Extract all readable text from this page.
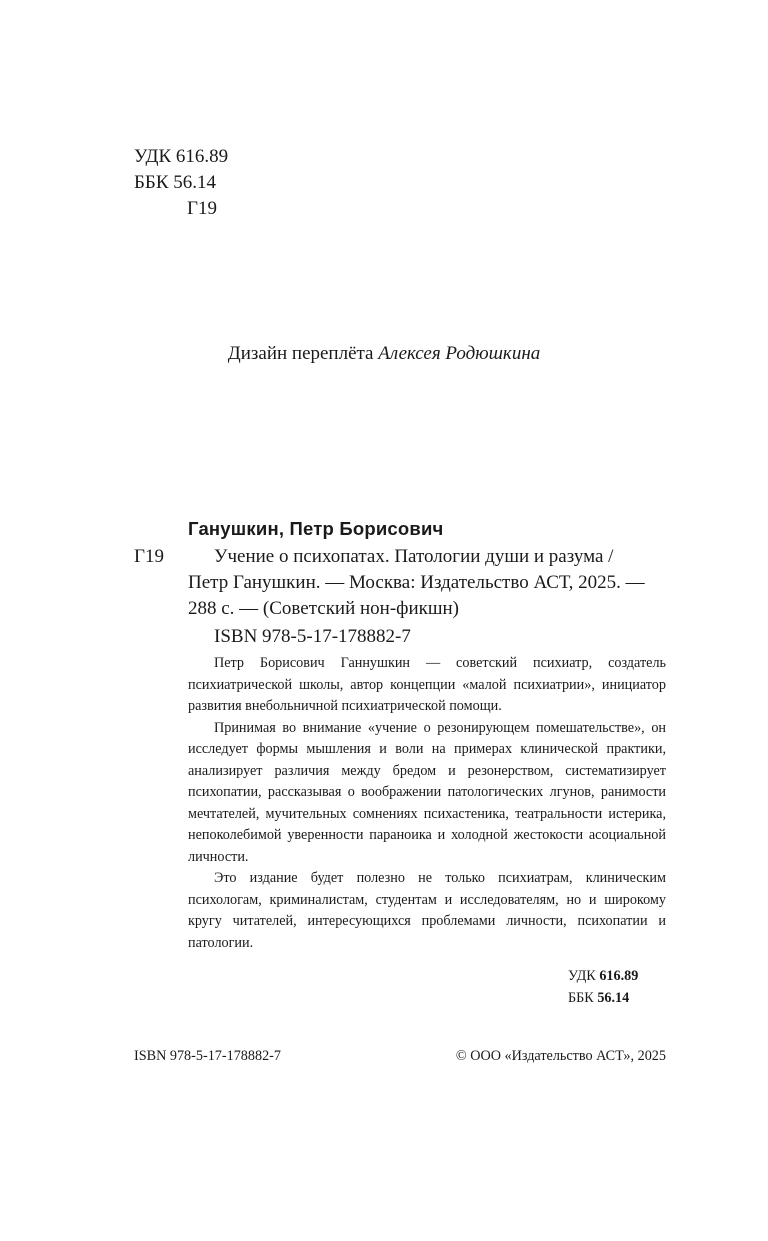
УДК 616.89
ББК 56.14
Г19
Дизайн переплёта Алексея Родюшкина
Ганушкин, Петр Борисович
Г19	Учение о психопатах. Патологии души и разума /
Петр Ганушкин. — Москва: Издательство АСТ, 2025. — 288 с. — (Советский нон-фикшн)
ISBN 978-5-17-178882-7

Петр Борисович Ганнушкин — советский психиатр, создатель психиатрической школы, автор концепции «малой психиатрии», инициатор развития внебольничной психиатрической помощи.

Принимая во внимание «учение о резонирующем помешательстве», он исследует формы мышления и воли на примерах клинической практики, анализирует различия между бредом и резонерством, систематизирует психопатии, рассказывая о воображении патологических лгунов, ранимости мечтателей, мучительных сомнениях психастеника, театральности истерика, непоколебимой уверенности параноика и холодной жестокости асоциальной личности.

Это издание будет полезно не только психиатрам, клиническим психологам, криминалистам, студентам и исследователям, но и широкому кругу читателей, интересующихся проблемами личности, психопатии и патологии.

УДК 616.89
ББК 56.14
ISBN 978-5-17-178882-7	© ООО «Издательство АСТ», 2025
